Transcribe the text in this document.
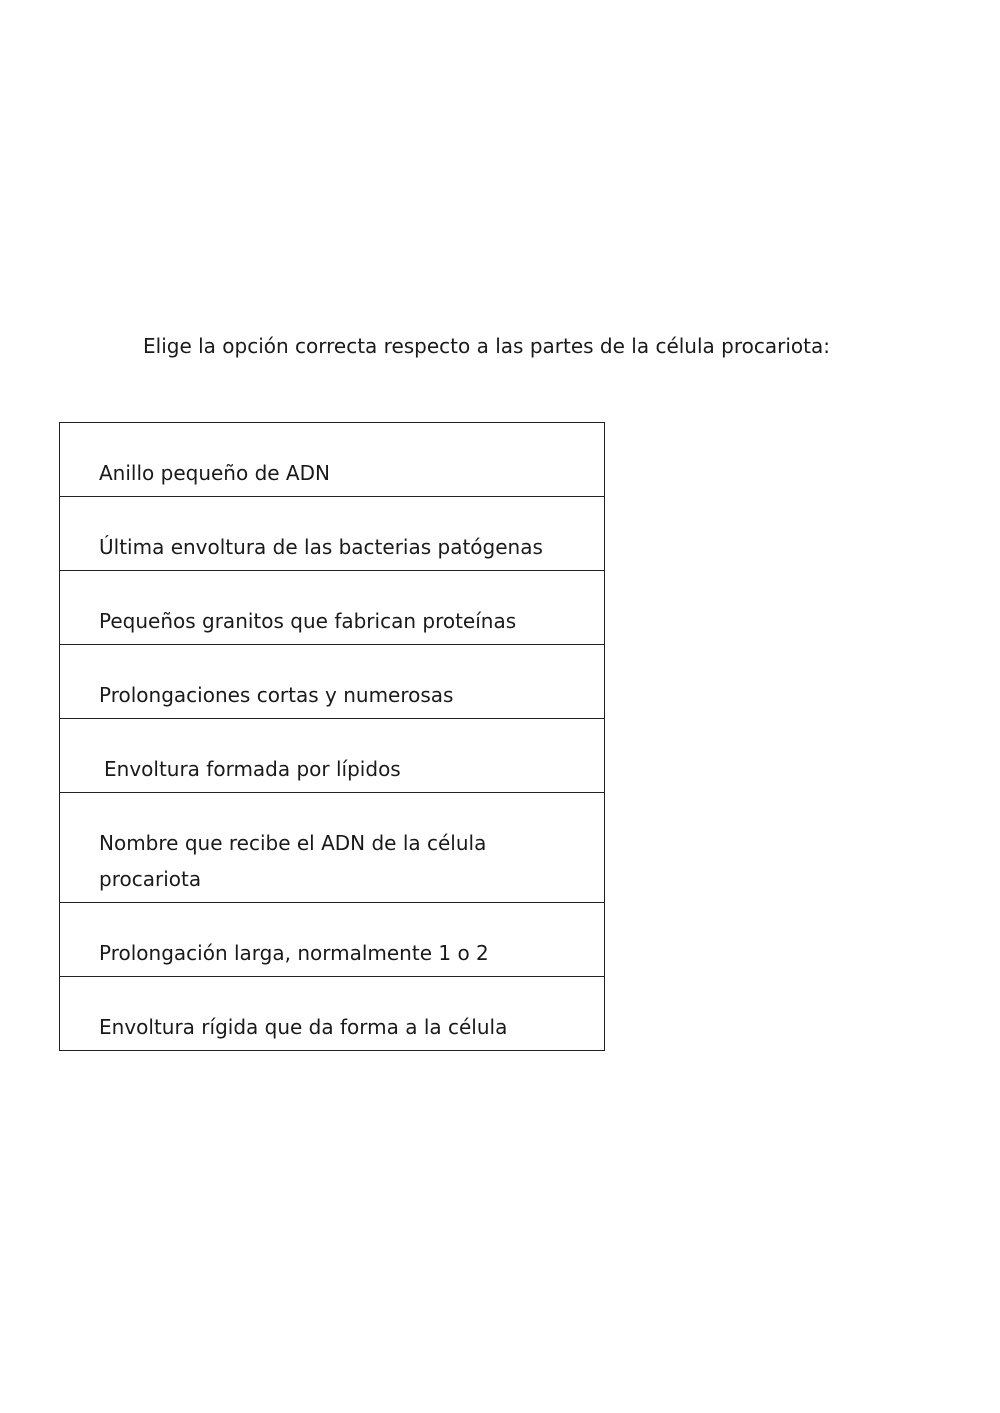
Elige la opción correcta respecto a las partes de la célula procariota:
Anillo pequeño de ADN
Última envoltura de las bacterias patógenas
Pequeños granitos que fabrican proteínas
Prolongaciones cortas y numerosas
Envoltura formada por lípidos
Nombre que recibe el ADN de la célula procariota
Prolongación larga, normalmente 1 o 2
Envoltura rígida que da forma a la célula
